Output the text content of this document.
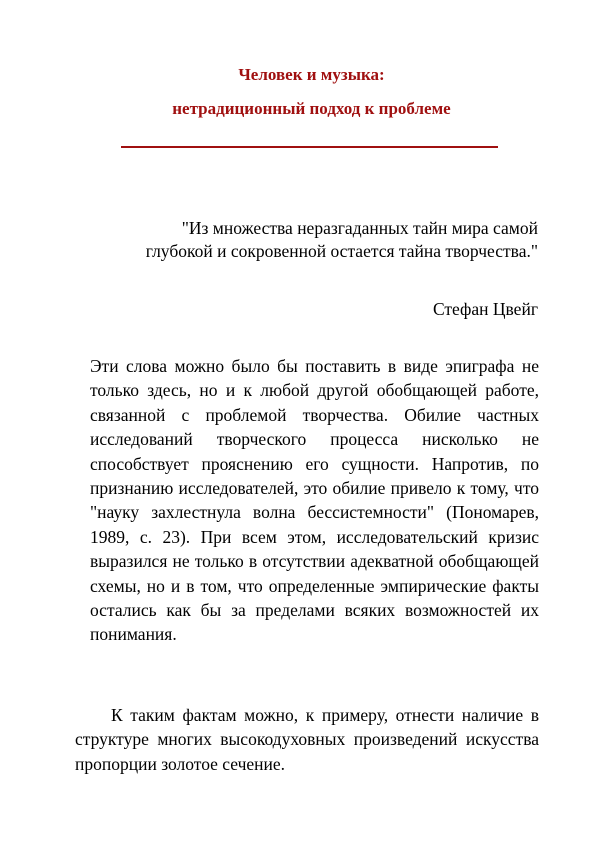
Человек и музыка:
нетрадиционный подход к проблеме

"Из множества неразгаданных тайн мира самой глубокой и сокровенной остается тайна творчества."

Стефан Цвейг

Эти слова можно было бы поставить в виде эпиграфа не только здесь, но и к любой другой обобщающей работе, связанной с проблемой творчества. Обилие частных исследований творческого процесса нисколько не способствует прояснению его сущности. Напротив, по признанию исследователей, это обилие привело к тому, что "науку захлестнула волна бессистемности" (Пономарев, 1989, с. 23). При всем этом, исследовательский кризис выразился не только в отсутствии адекватной обобщающей схемы, но и в том, что определенные эмпирические факты остались как бы за пределами всяких возможностей их понимания.

К таким фактам можно, к примеру, отнести наличие в структуре многих высокодуховных произведений искусства пропорции золотое сечение.
